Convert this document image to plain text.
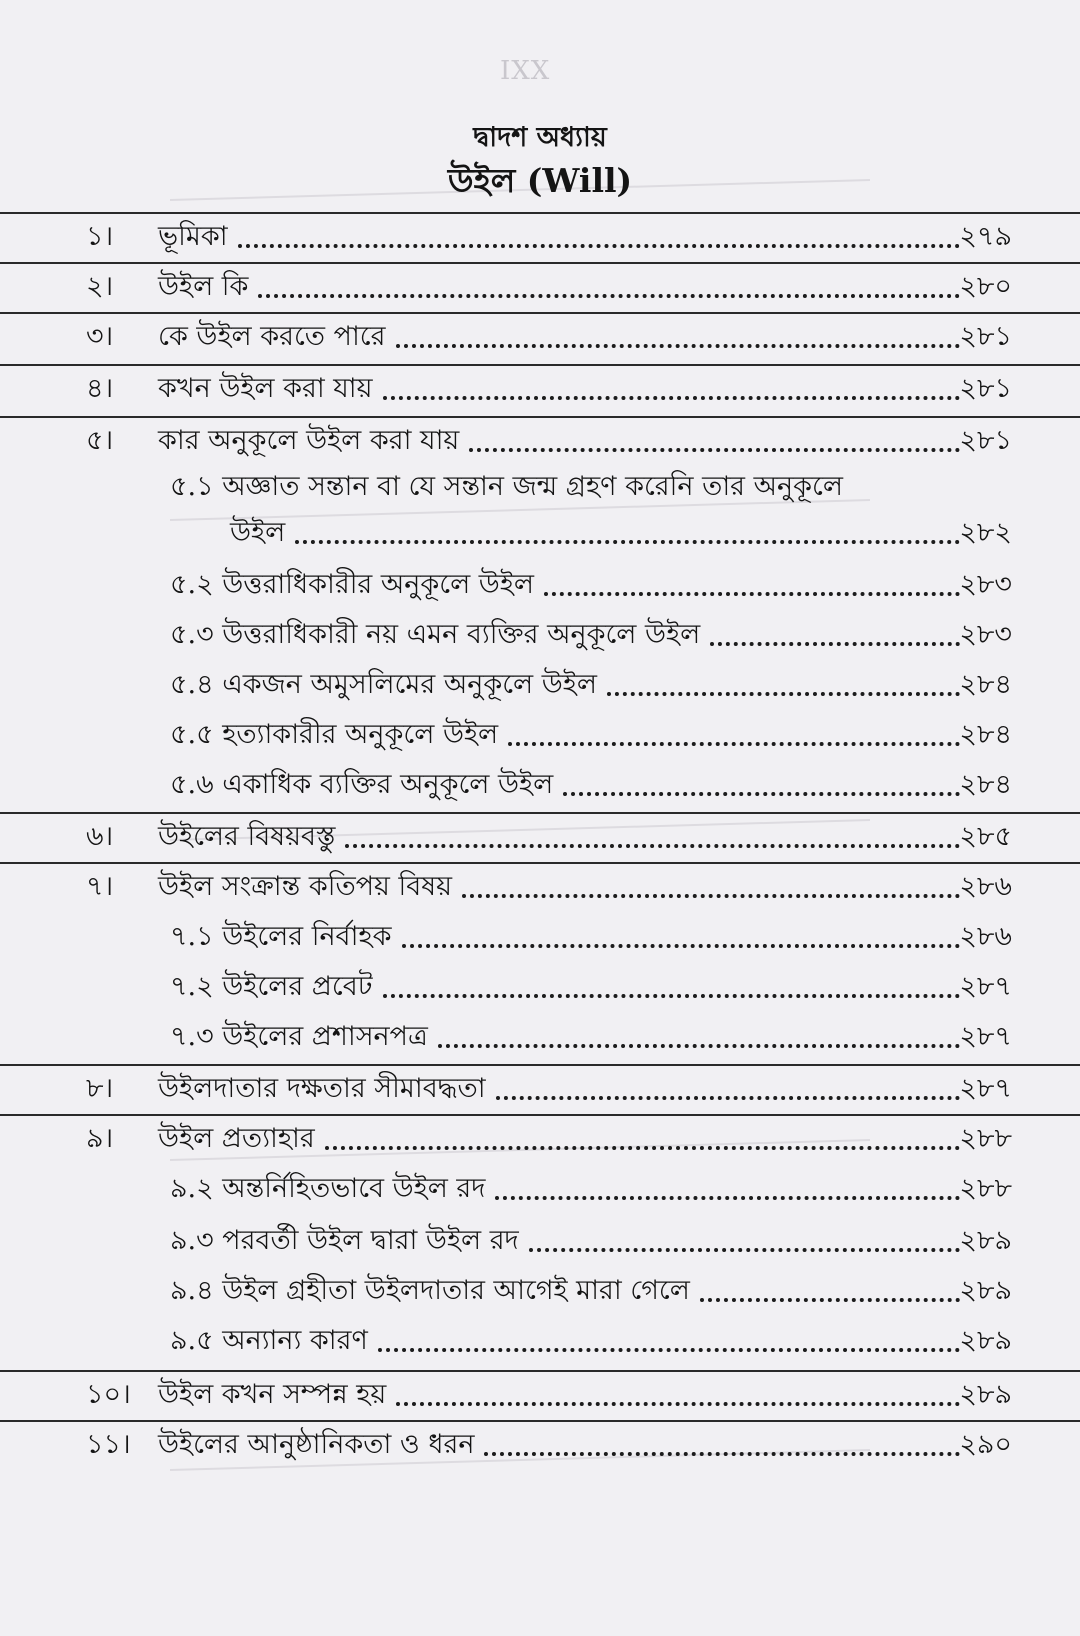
IXX
দ্বাদশ অধ্যায়
উইল (Will)
১।	ভূমিকা	২৭৯
২।	উইল কি	২৮০
৩।	কে উইল করতে পারে	২৮১
৪।	কখন উইল করা যায়	২৮১
৫।	কার অনুকূলে উইল করা যায়	২৮১
৫.১ অজ্ঞাত সন্তান বা যে সন্তান জন্ম গ্রহণ করেনি তার অনুকূলে
উইল	২৮২
৫.২ উত্তরাধিকারীর অনুকূলে উইল	২৮৩
৫.৩ উত্তরাধিকারী নয় এমন ব্যক্তির অনুকূলে উইল	২৮৩
৫.৪ একজন অমুসলিমের অনুকূলে উইল	২৮৪
৫.৫ হত্যাকারীর অনুকূলে উইল	২৮৪
৫.৬ একাধিক ব্যক্তির অনুকূলে উইল	২৮৪
৬।	উইলের বিষয়বস্তু	২৮৫
৭।	উইল সংক্রান্ত কতিপয় বিষয়	২৮৬
৭.১ উইলের নির্বাহক	২৮৬
৭.২ উইলের প্রবেট	২৮৭
৭.৩ উইলের প্রশাসনপত্র	২৮৭
৮।	উইলদাতার দক্ষতার সীমাবদ্ধতা	২৮৭
৯।	উইল প্রত্যাহার	২৮৮
৯.২ অন্তর্নিহিতভাবে উইল রদ	২৮৮
৯.৩ পরবর্তী উইল দ্বারা উইল রদ	২৮৯
৯.৪ উইল গ্রহীতা উইলদাতার আগেই মারা গেলে	২৮৯
৯.৫ অন্যান্য কারণ	২৮৯
১০।	উইল কখন সম্পন্ন হয়	২৮৯
১১।	উইলের আনুষ্ঠানিকতা ও ধরন	২৯০
